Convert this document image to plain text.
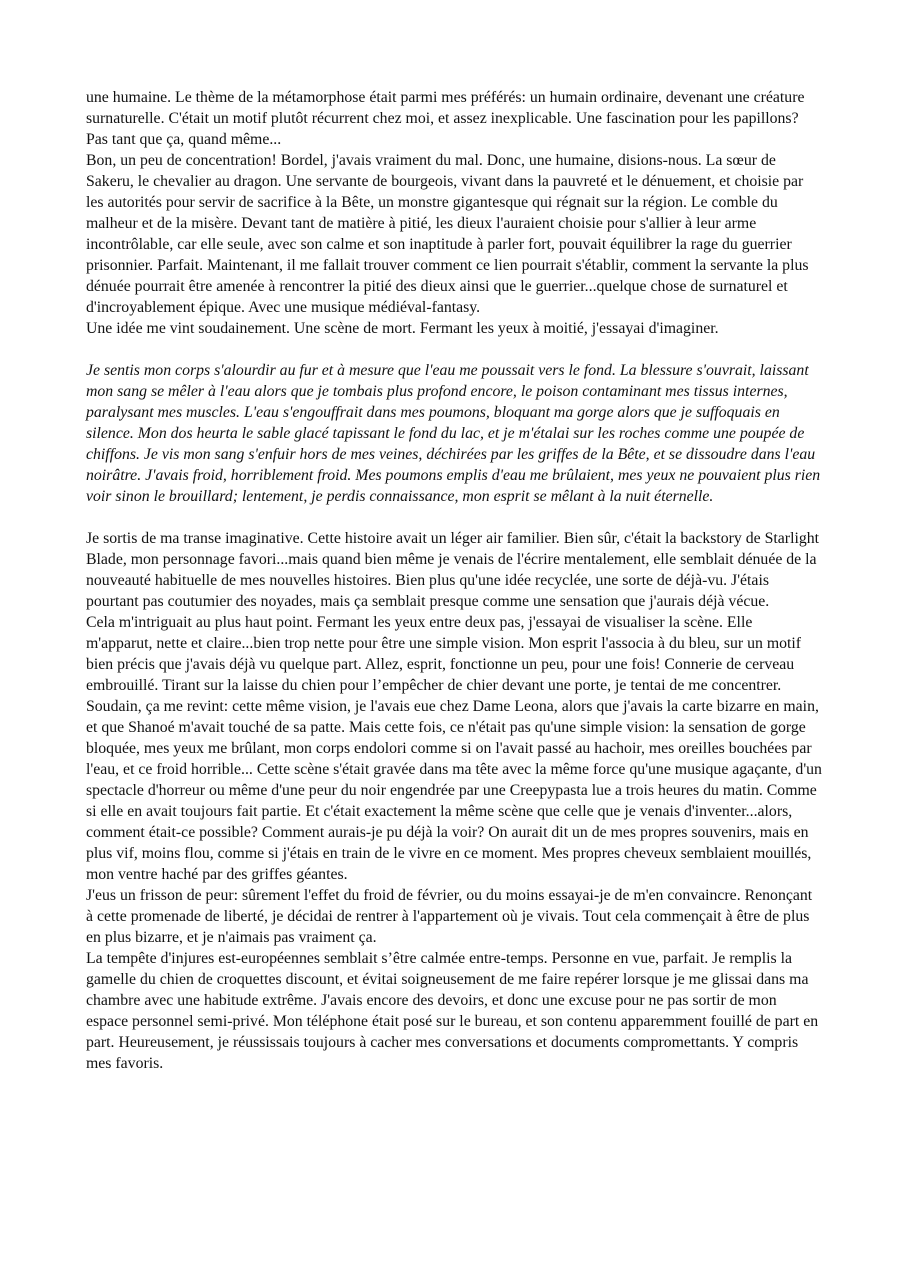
une humaine. Le thème de la métamorphose était parmi mes préférés: un humain ordinaire, devenant une créature surnaturelle. C'était un motif plutôt récurrent chez moi, et assez inexplicable. Une fascination pour les papillons? Pas tant que ça, quand même...

Bon, un peu de concentration! Bordel, j'avais vraiment du mal. Donc, une humaine, disions-nous. La sœur de Sakeru, le chevalier au dragon. Une servante de bourgeois, vivant dans la pauvreté et le dénuement, et choisie par les autorités pour servir de sacrifice à la Bête, un monstre gigantesque qui régnait sur la région. Le comble du malheur et de la misère. Devant tant de matière à pitié, les dieux l'auraient choisie pour s'allier à leur arme incontrôlable, car elle seule, avec son calme et son inaptitude à parler fort, pouvait équilibrer la rage du guerrier prisonnier. Parfait. Maintenant, il me fallait trouver comment ce lien pourrait s'établir, comment la servante la plus dénuée pourrait être amenée à rencontrer la pitié des dieux ainsi que le guerrier...quelque chose de surnaturel et d'incroyablement épique. Avec une musique médiéval-fantasy.

Une idée me vint soudainement. Une scène de mort. Fermant les yeux à moitié, j'essayai d'imaginer.

Je sentis mon corps s'alourdir au fur et à mesure que l'eau me poussait vers le fond. La blessure s'ouvrait, laissant mon sang se mêler à l'eau alors que je tombais plus profond encore, le poison contaminant mes tissus internes, paralysant mes muscles. L'eau s'engouffrait dans mes poumons, bloquant ma gorge alors que je suffoquais en silence. Mon dos heurta le sable glacé tapissant le fond du lac, et je m'étalai sur les roches comme une poupée de chiffons. Je vis mon sang s'enfuir hors de mes veines, déchirées par les griffes de la Bête, et se dissoudre dans l'eau noirâtre. J'avais froid, horriblement froid. Mes poumons emplis d'eau me brûlaient, mes yeux ne pouvaient plus rien voir sinon le brouillard; lentement, je perdis connaissance, mon esprit se mêlant à la nuit éternelle.

Je sortis de ma transe imaginative. Cette histoire avait un léger air familier. Bien sûr, c'était la backstory de Starlight Blade, mon personnage favori...mais quand bien même je venais de l'écrire mentalement, elle semblait dénuée de la nouveauté habituelle de mes nouvelles histoires. Bien plus qu'une idée recyclée, une sorte de déjà-vu. J'étais pourtant pas coutumier des noyades, mais ça semblait presque comme une sensation que j'aurais déjà vécue.

Cela m'intriguait au plus haut point. Fermant les yeux entre deux pas, j'essayai de visualiser la scène. Elle m'apparut, nette et claire...bien trop nette pour être une simple vision. Mon esprit l'associa à du bleu, sur un motif bien précis que j'avais déjà vu quelque part. Allez, esprit, fonctionne un peu, pour une fois! Connerie de cerveau embrouillé. Tirant sur la laisse du chien pour l’empêcher de chier devant une porte, je tentai de me concentrer.

Soudain, ça me revint: cette même vision, je l'avais eue chez Dame Leona, alors que j'avais la carte bizarre en main, et que Shanoé m'avait touché de sa patte. Mais cette fois, ce n'était pas qu'une simple vision: la sensation de gorge bloquée, mes yeux me brûlant, mon corps endolori comme si on l'avait passé au hachoir, mes oreilles bouchées par l'eau, et ce froid horrible... Cette scène s'était gravée dans ma tête avec la même force qu'une musique agaçante, d'un spectacle d'horreur ou même d'une peur du noir engendrée par une Creepypasta lue a trois heures du matin. Comme si elle en avait toujours fait partie. Et c'était exactement la même scène que celle que je venais d'inventer...alors, comment était-ce possible? Comment aurais-je pu déjà la voir? On aurait dit un de mes propres souvenirs, mais en plus vif, moins flou, comme si j'étais en train de le vivre en ce moment. Mes propres cheveux semblaient mouillés, mon ventre haché par des griffes géantes.

J'eus un frisson de peur: sûrement l'effet du froid de février, ou du moins essayai-je de m'en convaincre. Renonçant à cette promenade de liberté, je décidai de rentrer à l'appartement où je vivais. Tout cela commençait à être de plus en plus bizarre, et je n'aimais pas vraiment ça.

La tempête d'injures est-européennes semblait s’être calmée entre-temps. Personne en vue, parfait. Je remplis la gamelle du chien de croquettes discount, et évitai soigneusement de me faire repérer lorsque je me glissai dans ma chambre avec une habitude extrême. J'avais encore des devoirs, et donc une excuse pour ne pas sortir de mon espace personnel semi-privé. Mon téléphone était posé sur le bureau, et son contenu apparemment fouillé de part en part. Heureusement, je réussissais toujours à cacher mes conversations et documents compromettants. Y compris mes favoris.
